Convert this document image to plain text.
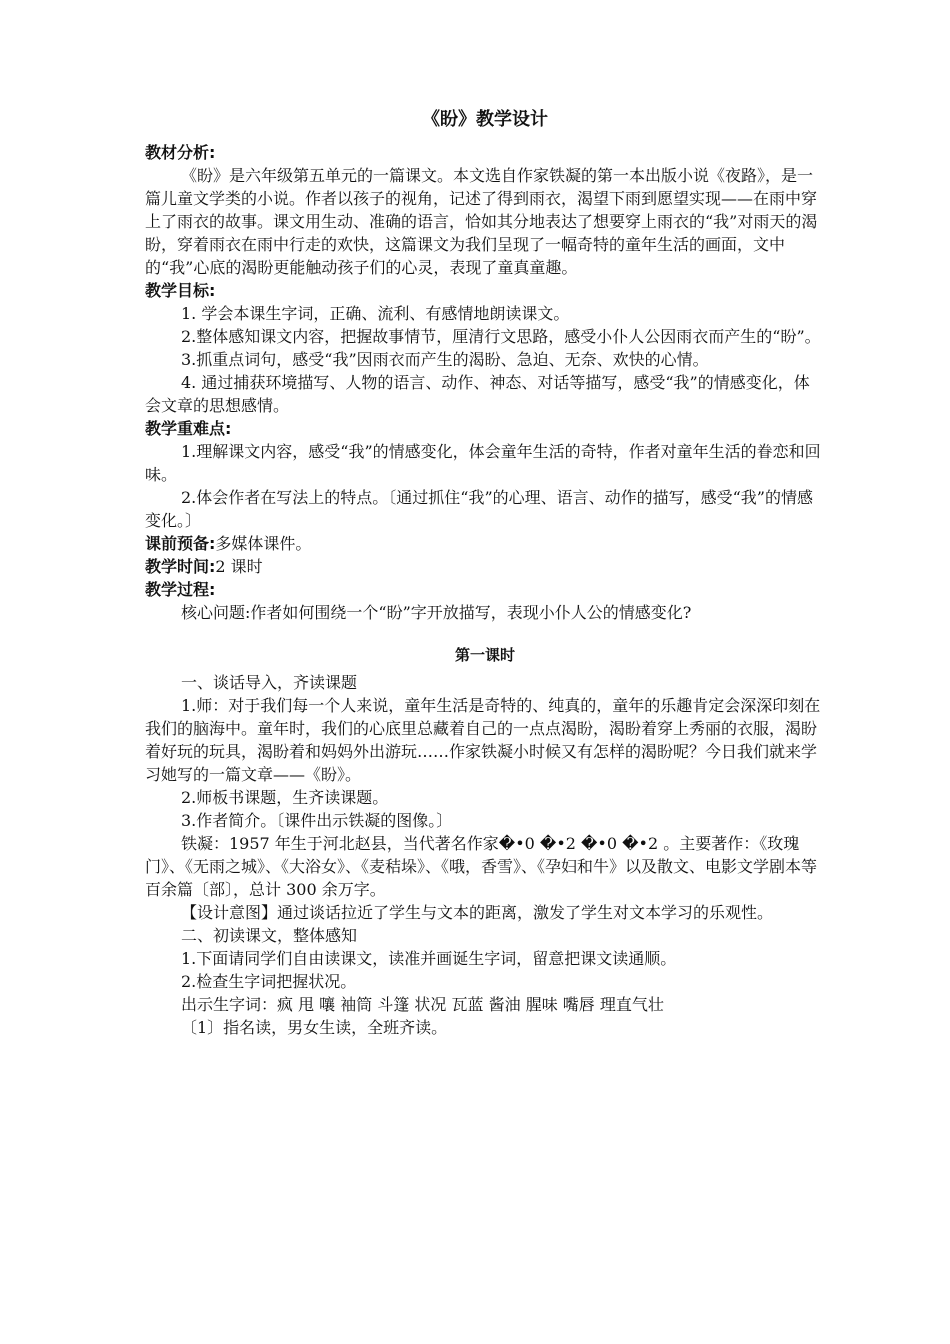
《盼》教学设计

教材分析:

《盼》是六年级第五单元的一篇课文。本文选自作家铁凝的第一本出版小说《夜路》，是一篇儿童文学类的小说。作者以孩子的视角，记述了得到雨衣，渴望下雨到愿望实现——在雨中穿上了雨衣的故事。课文用生动、准确的语言，恰如其分地表达了想要穿上雨衣的“我”对雨天的渴盼，穿着雨衣在雨中行走的欢快，这篇课文为我们呈现了一幅奇特的童年生活的画面，文中的“我”心底的渴盼更能触动孩子们的心灵，表现了童真童趣。

教学目标:

1. 学会本课生字词，正确、流利、有感情地朗读课文。

2.整体感知课文内容，把握故事情节，厘清行文思路，感受小仆人公因雨衣而产生的“盼”。

3.抓重点词句，感受“我”因雨衣而产生的渴盼、急迫、无奈、欢快的心情。

4. 通过捕获环境描写、人物的语言、动作、神态、对话等描写，感受“我”的情感变化，体会文章的思想感情。

教学重难点:

1.理解课文内容，感受“我”的情感变化，体会童年生活的奇特，作者对童年生活的眷恋和回味。

2.体会作者在写法上的特点。〔通过抓住“我”的心理、语言、动作的描写，感受“我”的情感变化。〕

课前预备:多媒体课件。

教学时间:2 课时

教学过程:

核心问题:作者如何围绕一个“盼”字开放描写，表现小仆人公的情感变化?

第一课时

一、谈话导入，齐读课题

1.师：对于我们每一个人来说，童年生活是奇特的、纯真的，童年的乐趣肯定会深深印刻在我们的脑海中。童年时，我们的心底里总藏着自己的一点点渴盼，渴盼着穿上秀丽的衣服，渴盼着好玩的玩具，渴盼着和妈妈外出游玩……作家铁凝小时候又有怎样的渴盼呢？今日我们就来学习她写的一篇文章——《盼》。

2.师板书课题，生齐读课题。

3.作者简介。〔课件出示铁凝的图像。〕

铁凝：1957 年生于河北赵县，当代著名作家�•0 �•2 �•0 �•2 。主要著作：《玫瑰门》、《无雨之城》、《大浴女》、《麦秸垛》、《哦，香雪》、《孕妇和牛》以及散文、电影文学剧本等百余篇〔部〕，总计 300 余万字。

【设计意图】通过谈话拉近了学生与文本的距离，激发了学生对文本学习的乐观性。

二、初读课文，整体感知

1.下面请同学们自由读课文，读准并画诞生字词，留意把课文读通顺。

2.检查生字词把握状况。

出示生字词：疯 甩 嚷 袖筒 斗篷 状况 瓦蓝 酱油 腥味 嘴唇 理直气壮

〔1〕指名读，男女生读，全班齐读。
